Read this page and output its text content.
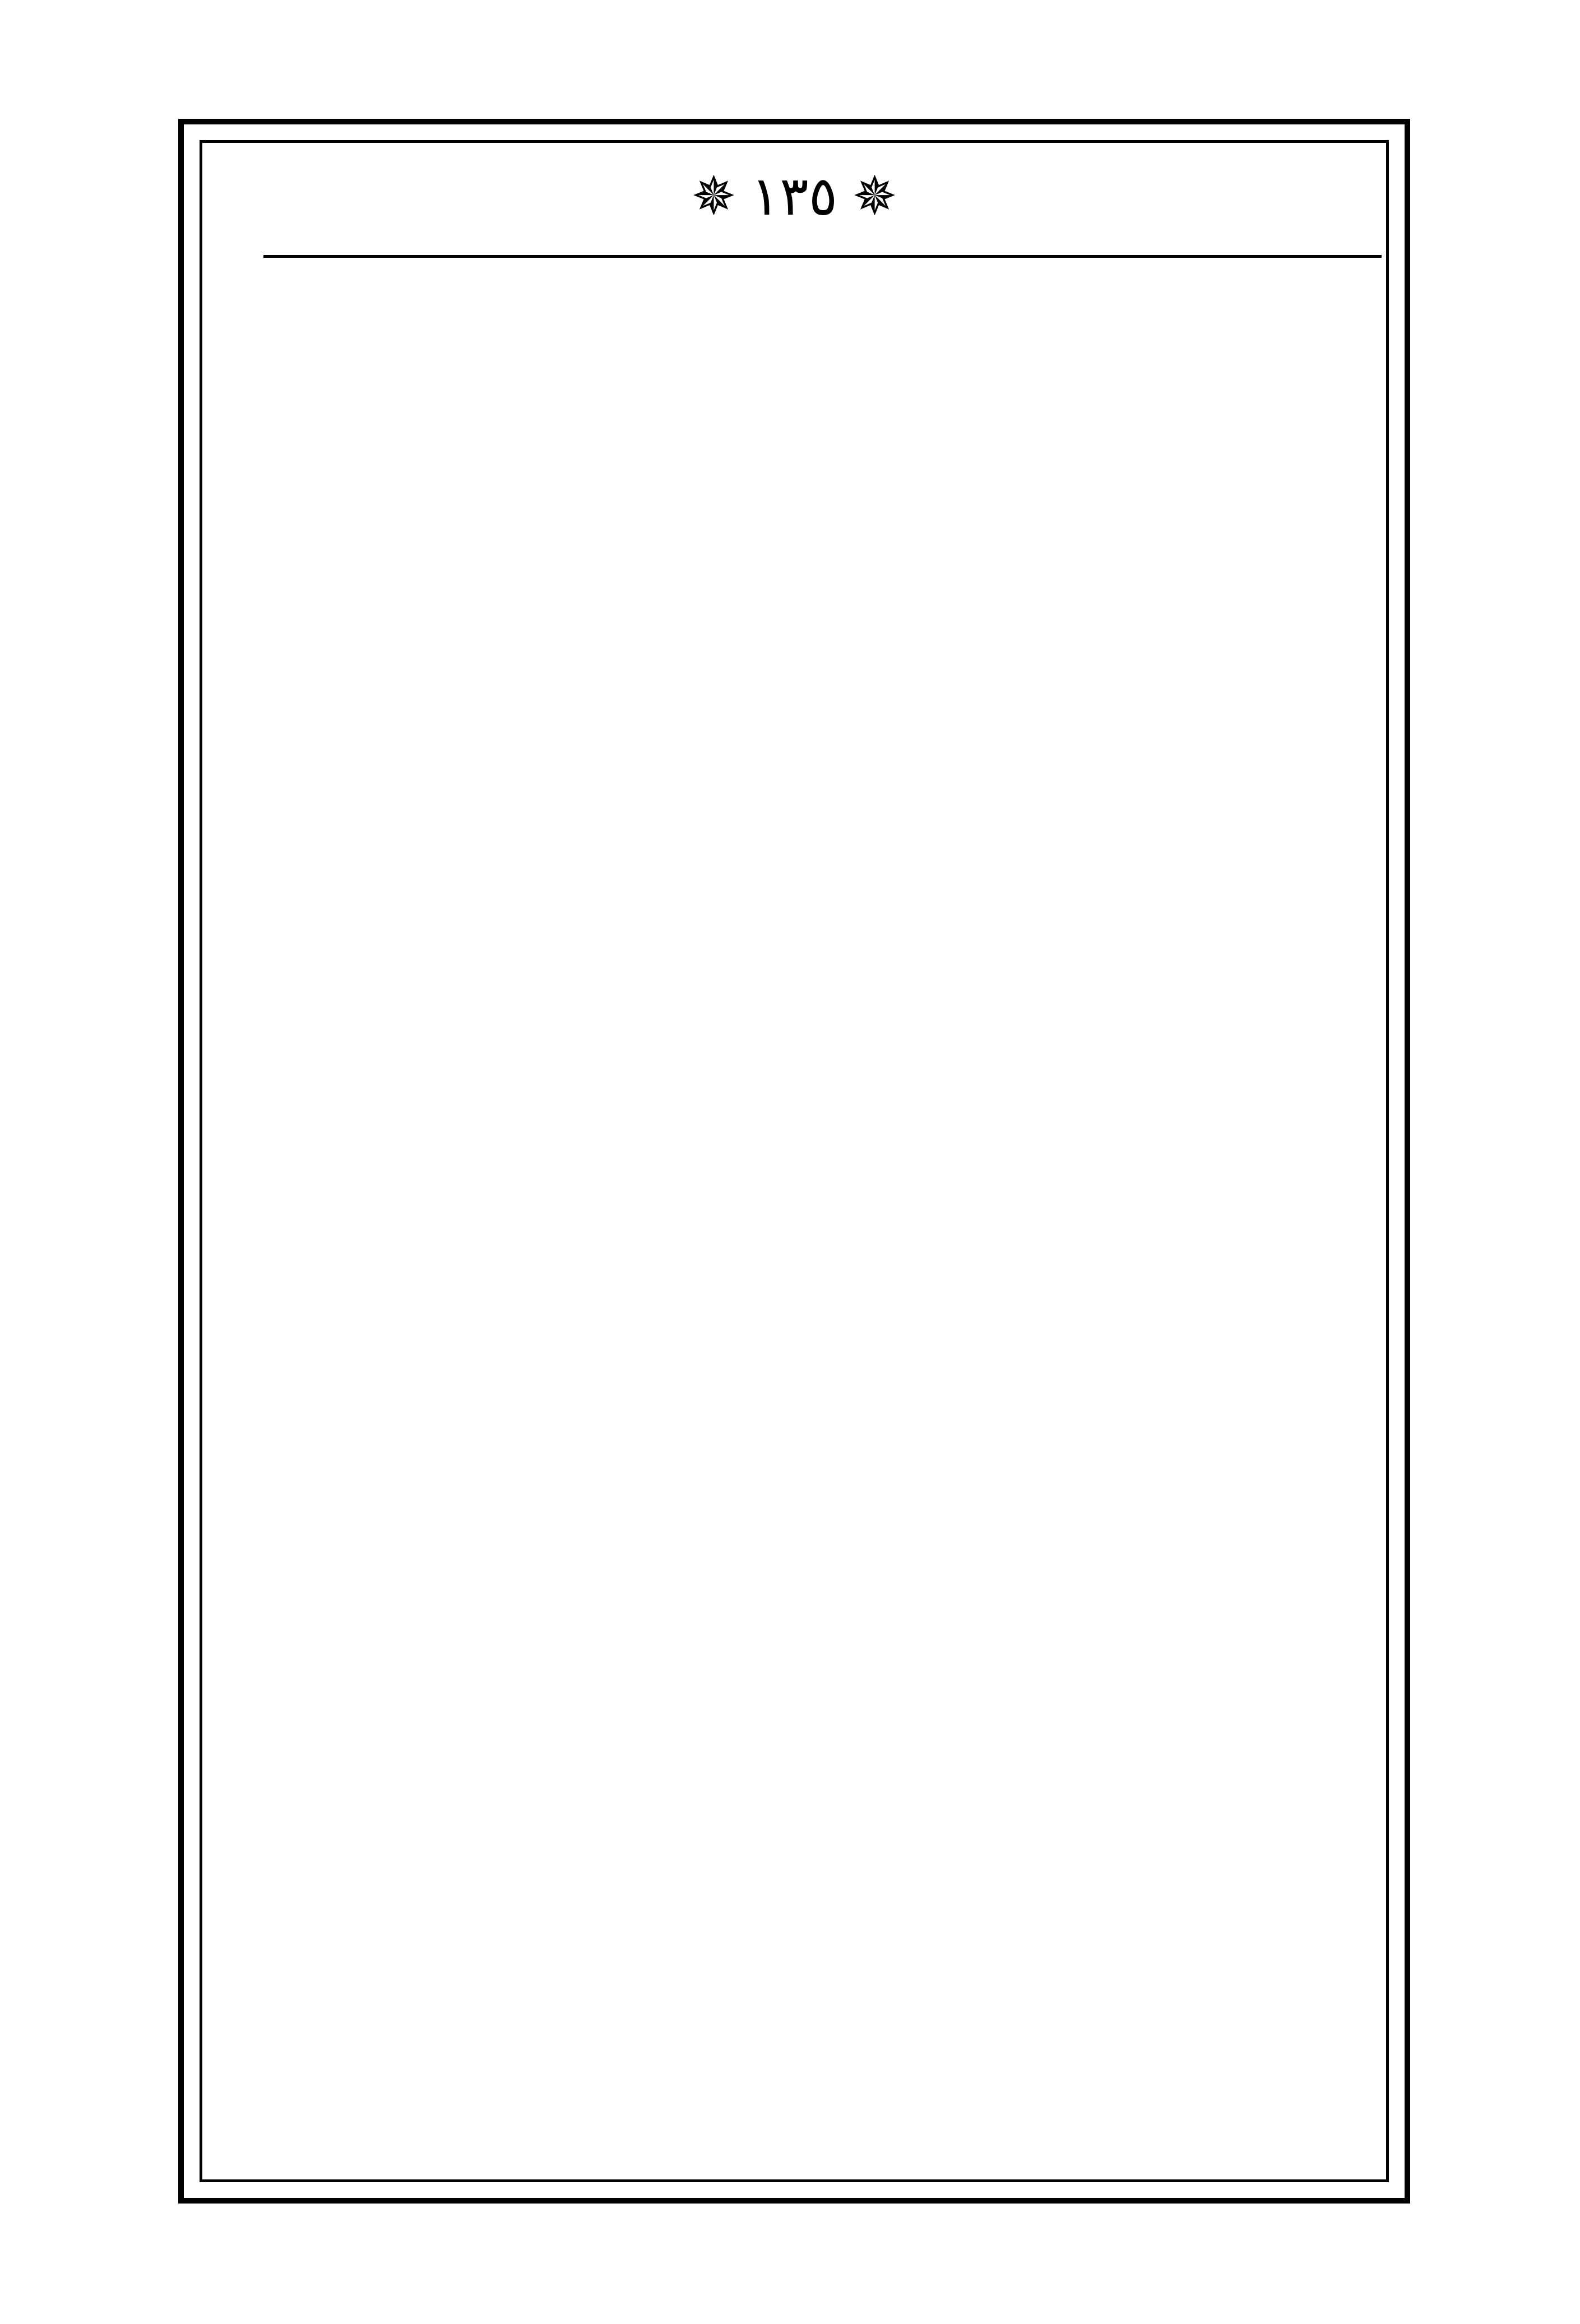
✵
١٣٥
✵
